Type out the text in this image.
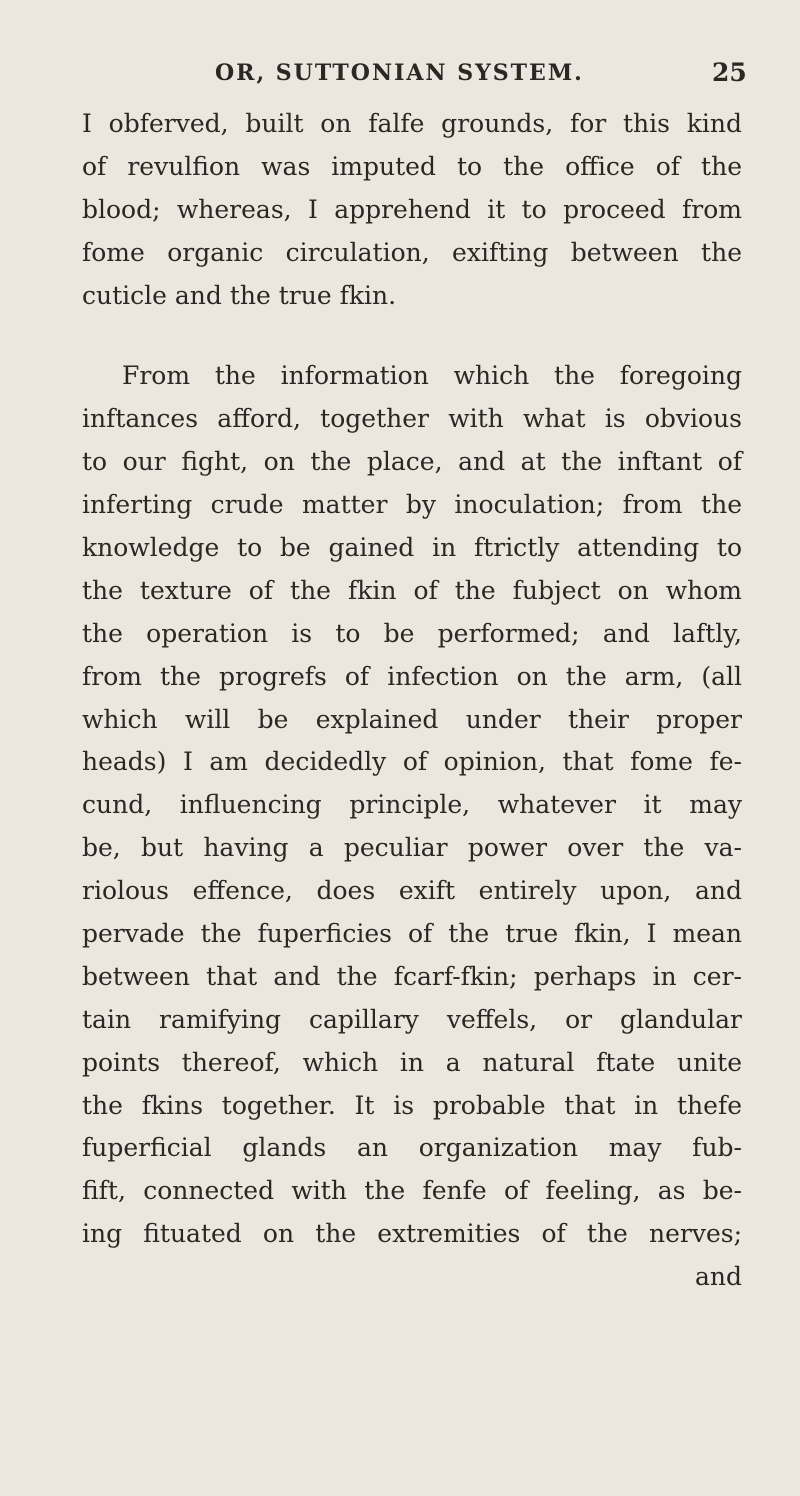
OR, SUTTONIAN SYSTEM.	25
I obferved, built on falfe grounds, for this kind
of revulfion was imputed to the office of the
blood; whereas, I apprehend it to proceed from
fome organic circulation, exifting between the
cuticle and the true fkin.
From the information which the foregoing
inftances afford, together with what is obvious
to our fight, on the place, and at the inftant of
inferting crude matter by inoculation; from the
knowledge to be gained in ftrictly attending to
the texture of the fkin of the fubject on whom
the operation is to be performed; and laftly,
from the progrefs of infection on the arm, (all
which will be explained under their proper
heads) I am decidedly of opinion, that fome fe-
cund, influencing principle, whatever it may
be, but having a peculiar power over the va-
riolous effence, does exift entirely upon, and
pervade the fuperficies of the true fkin, I mean
between that and the fcarf-fkin; perhaps in cer-
tain ramifying capillary veffels, or glandular
points thereof, which in a natural ftate unite
the fkins together. It is probable that in thefe
fuperficial glands an organization may fub-
fift, connected with the fenfe of feeling, as be-
ing fituated on the extremities of the nerves;
and
